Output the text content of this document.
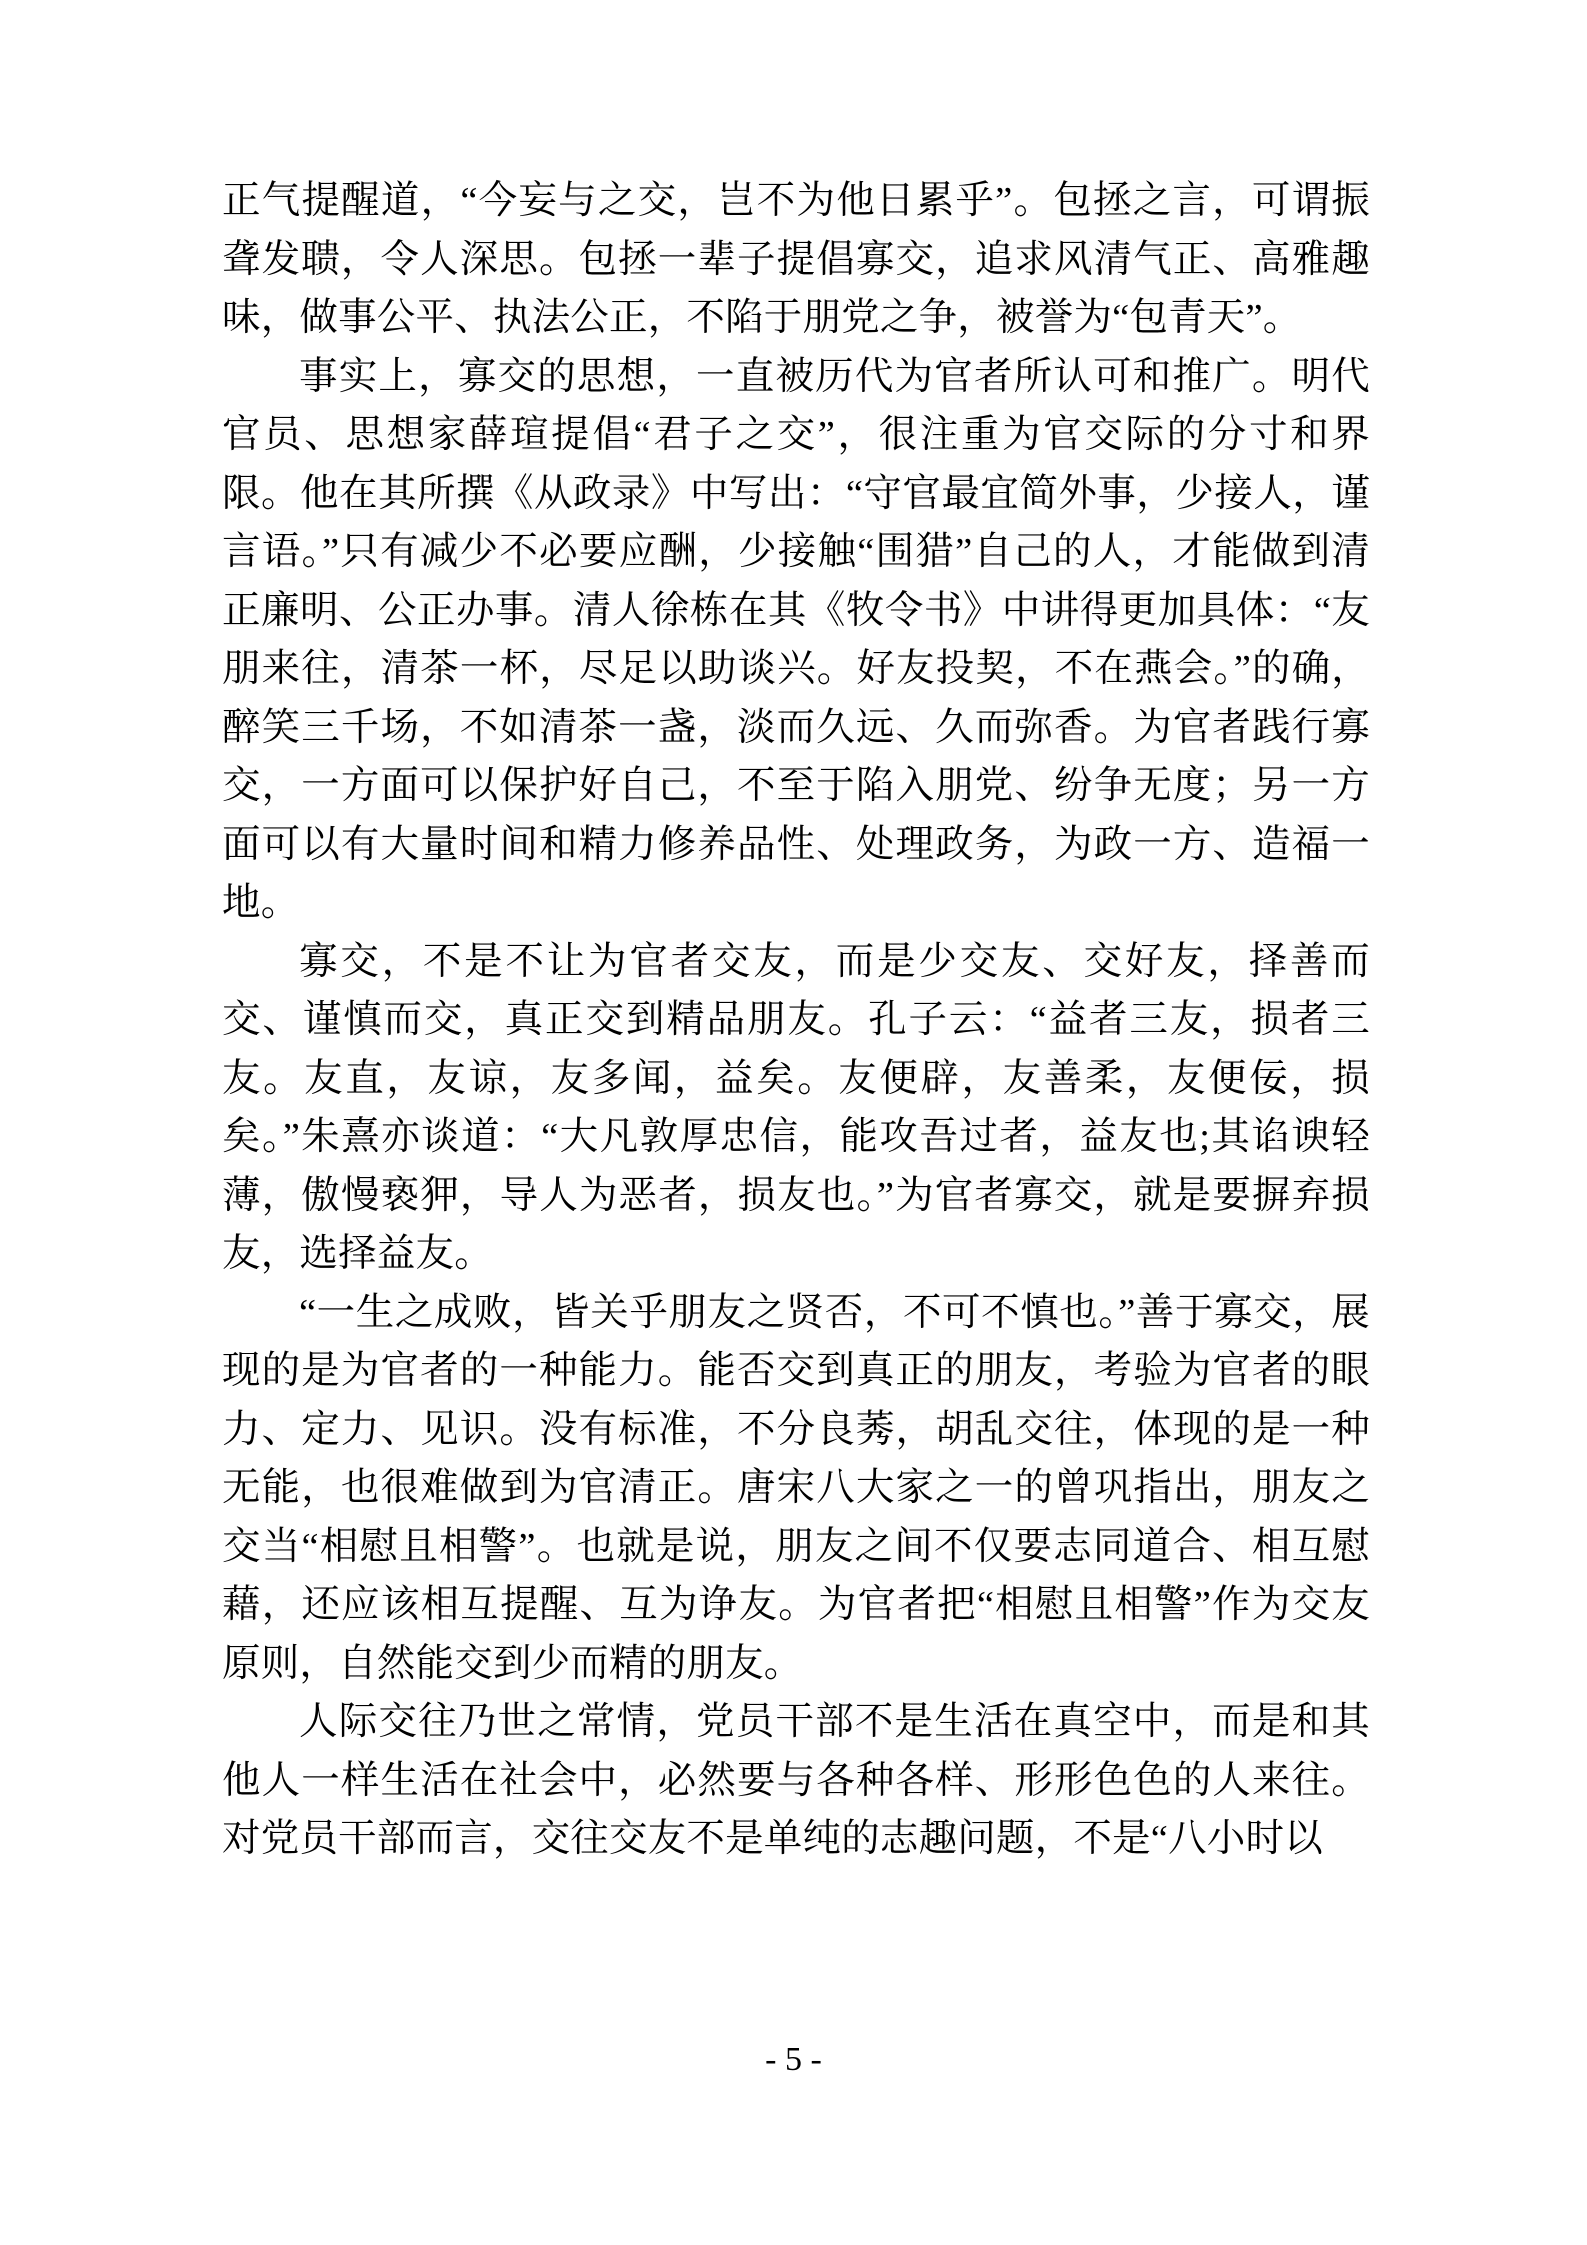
正气提醒道，“今妄与之交，岂不为他日累乎”。包拯之言，可谓振聋发聩，令人深思。包拯一辈子提倡寡交，追求风清气正、高雅趣味，做事公平、执法公正，不陷于朋党之争，被誉为“包青天”。

事实上，寡交的思想，一直被历代为官者所认可和推广。明代官员、思想家薛瑄提倡“君子之交”，很注重为官交际的分寸和界限。他在其所撰《从政录》中写出：“守官最宜简外事，少接人，谨言语。”只有减少不必要应酬，少接触“围猎”自己的人，才能做到清正廉明、公正办事。清人徐栋在其《牧令书》中讲得更加具体：“友朋来往，清茶一杯，尽足以助谈兴。好友投契，不在燕会。”的确，醉笑三千场，不如清茶一盏，淡而久远、久而弥香。为官者践行寡交，一方面可以保护好自己，不至于陷入朋党、纷争无度；另一方面可以有大量时间和精力修养品性、处理政务，为政一方、造福一地。

寡交，不是不让为官者交友，而是少交友、交好友，择善而交、谨慎而交，真正交到精品朋友。孔子云：“益者三友，损者三友。友直，友谅，友多闻，益矣。友便辟，友善柔，友便佞，损矣。”朱熹亦谈道：“大凡敦厚忠信，能攻吾过者，益友也;其谄谀轻薄，傲慢亵狎，导人为恶者，损友也。”为官者寡交，就是要摒弃损友，选择益友。

“一生之成败，皆关乎朋友之贤否，不可不慎也。”善于寡交，展现的是为官者的一种能力。能否交到真正的朋友，考验为官者的眼力、定力、见识。没有标准，不分良莠，胡乱交往，体现的是一种无能，也很难做到为官清正。唐宋八大家之一的曾巩指出，朋友之交当“相慰且相警”。也就是说，朋友之间不仅要志同道合、相互慰藉，还应该相互提醒、互为诤友。为官者把“相慰且相警”作为交友原则，自然能交到少而精的朋友。

人际交往乃世之常情，党员干部不是生活在真空中，而是和其他人一样生活在社会中，必然要与各种各样、形形色色的人来往。对党员干部而言，交往交友不是单纯的志趣问题，不是“八小时以

- 5 -
